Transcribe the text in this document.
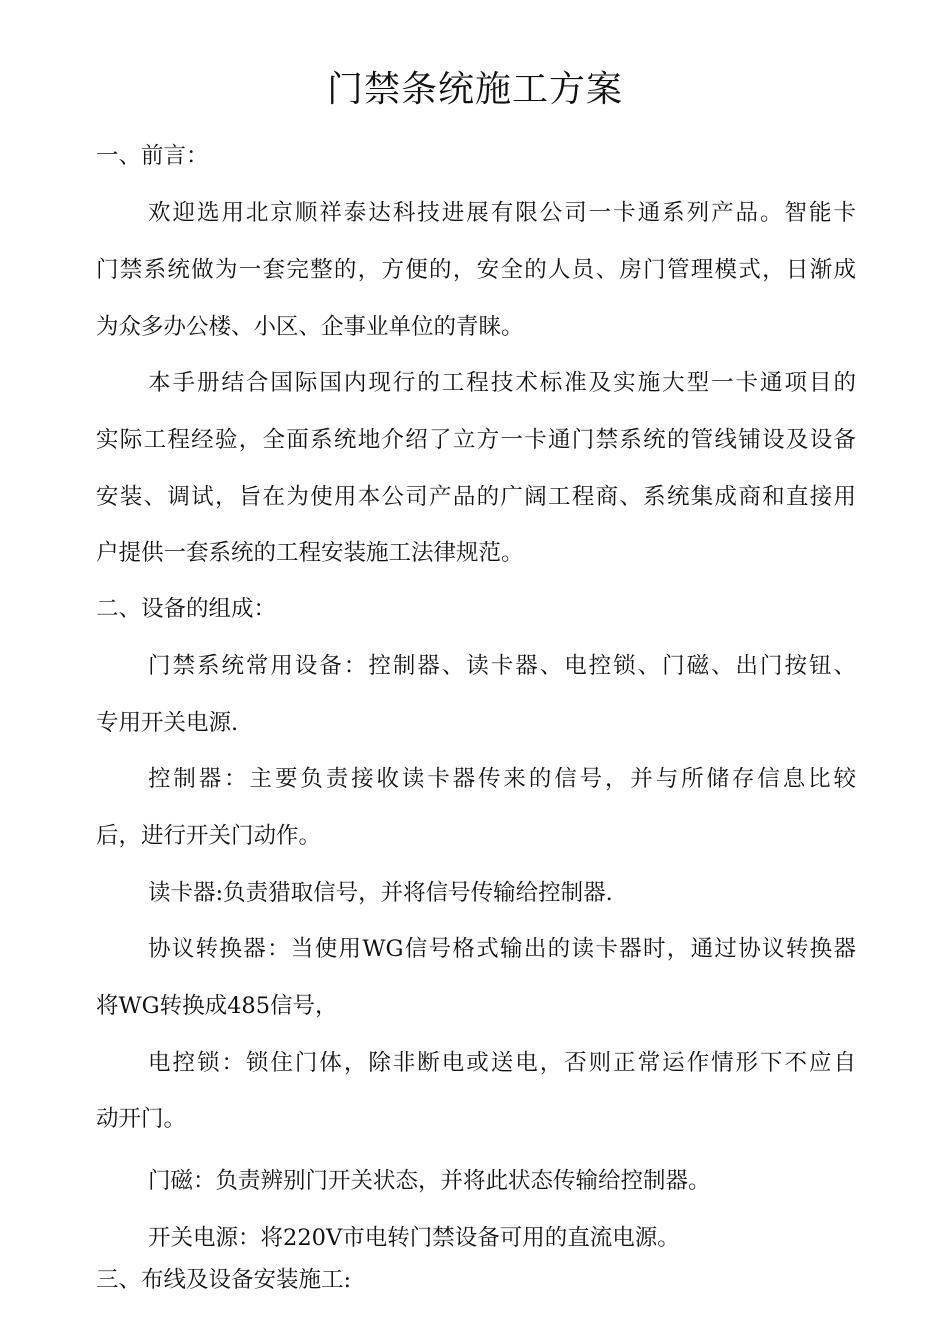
门禁条统施工方案

一、前言：

欢迎选用北京顺祥泰达科技进展有限公司一卡通系列产品。智能卡

门禁系统做为一套完整的，方便的，安全的人员、房门管理模式，日渐成

为众多办公楼、小区、企事业单位的青睐。

本手册结合国际国内现行的工程技术标准及实施大型一卡通项目的

实际工程经验，全面系统地介绍了立方一卡通门禁系统的管线铺设及设备

安装、调试，旨在为使用本公司产品的广阔工程商、系统集成商和直接用

户提供一套系统的工程安装施工法律规范。

二、设备的组成：

门禁系统常用设备：控制器、读卡器、电控锁、门磁、出门按钮、

专用开关电源.

控制器：主要负责接收读卡器传来的信号，并与所储存信息比较

后，进行开关门动作。

读卡器:负责猎取信号，并将信号传输给控制器.

协议转换器：当使用WG信号格式输出的读卡器时，通过协议转换器

将WG转换成485信号，

电控锁：锁住门体，除非断电或送电，否则正常运作情形下不应自

动开门。

门磁：负责辨别门开关状态，并将此状态传输给控制器。

开关电源：将220V市电转门禁设备可用的直流电源。

三、布线及设备安装施工:
